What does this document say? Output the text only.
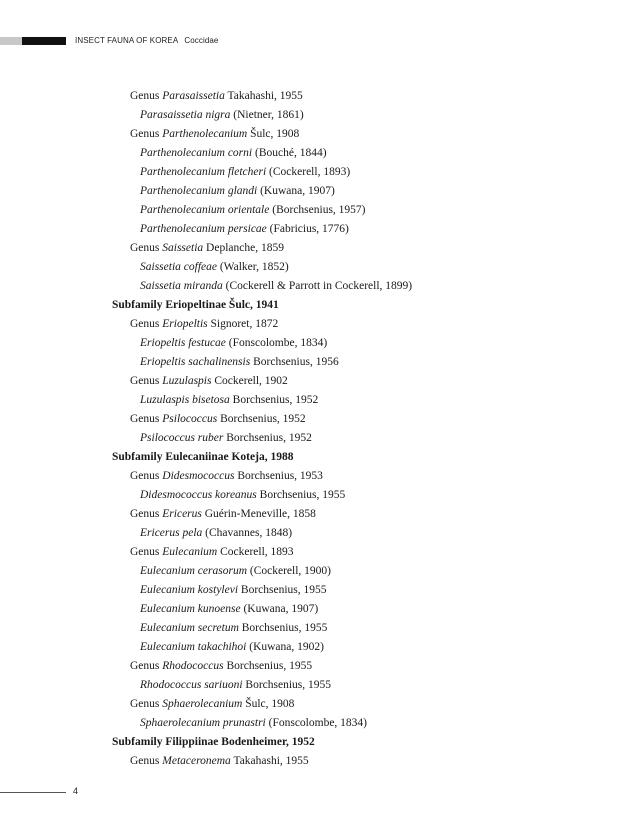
INSECT FAUNA OF KOREA Coccidae
Genus Parasaissetia Takahashi, 1955
Parasaissetia nigra (Nietner, 1861)
Genus Parthenolecanium Šulc, 1908
Parthenolecanium corni (Bouché, 1844)
Parthenolecanium fletcheri (Cockerell, 1893)
Parthenolecanium glandi (Kuwana, 1907)
Parthenolecanium orientale (Borchsenius, 1957)
Parthenolecanium persicae (Fabricius, 1776)
Genus Saissetia Deplanche, 1859
Saissetia coffeae (Walker, 1852)
Saissetia miranda (Cockerell & Parrott in Cockerell, 1899)
Subfamily Eriopeltinae Šulc, 1941
Genus Eriopeltis Signoret, 1872
Eriopeltis festucae (Fonscolombe, 1834)
Eriopeltis sachalinensis Borchsenius, 1956
Genus Luzulaspis Cockerell, 1902
Luzulaspis bisetosa Borchsenius, 1952
Genus Psilococcus Borchsenius, 1952
Psilococcus ruber Borchsenius, 1952
Subfamily Eulecaniinae Koteja, 1988
Genus Didesmococcus Borchsenius, 1953
Didesmococcus koreanus Borchsenius, 1955
Genus Ericerus Guérin-Meneville, 1858
Ericerus pela (Chavannes, 1848)
Genus Eulecanium Cockerell, 1893
Eulecanium cerasorum (Cockerell, 1900)
Eulecanium kostylevi Borchsenius, 1955
Eulecanium kunoense (Kuwana, 1907)
Eulecanium secretum Borchsenius, 1955
Eulecanium takachihoi (Kuwana, 1902)
Genus Rhodococcus Borchsenius, 1955
Rhodococcus sariuoni Borchsenius, 1955
Genus Sphaerolecanium Šulc, 1908
Sphaerolecanium prunastri (Fonscolombe, 1834)
Subfamily Filippiinae Bodenheimer, 1952
Genus Metaceronema Takahashi, 1955
4
